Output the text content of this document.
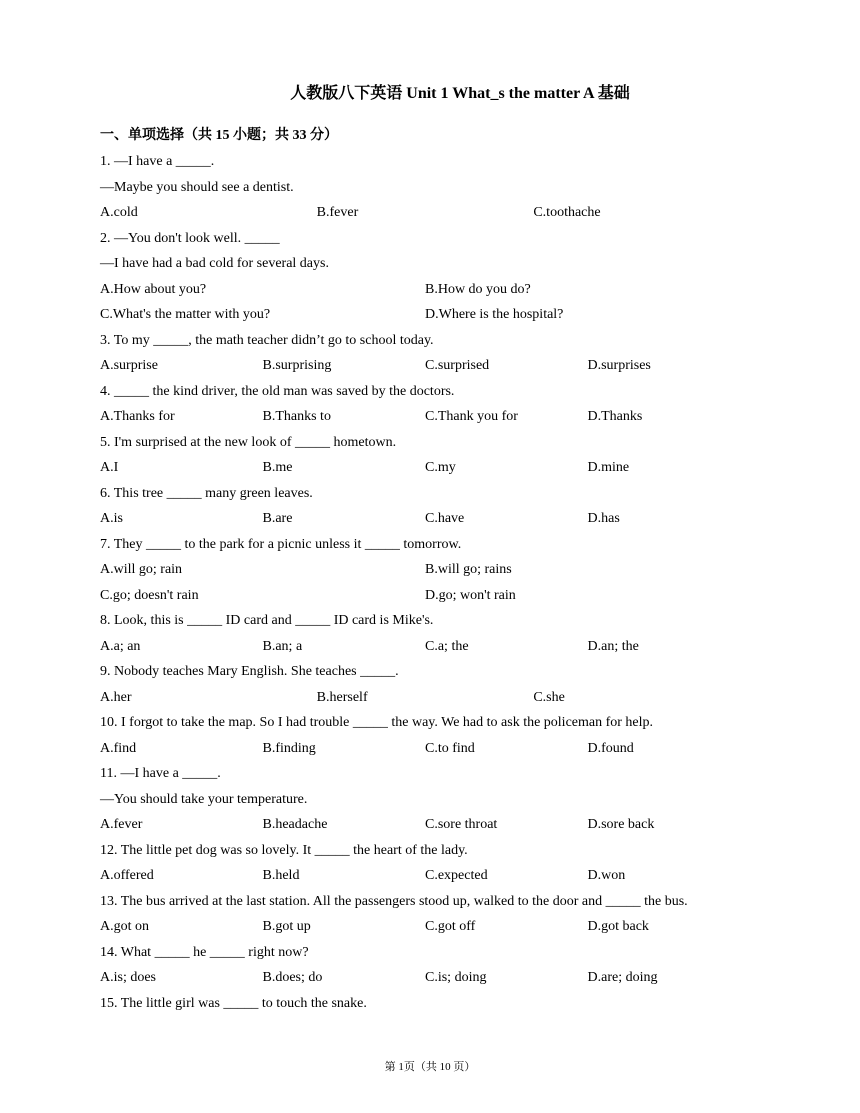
人教版八下英语 Unit 1 What_s the matter A 基础
一、单项选择（共 15 小题；共 33 分）
1. —I have a _____.
—Maybe you should see a dentist.
A.cold	B.fever	C.toothache
2. —You don't look well. _____
—I have had a bad cold for several days.
A.How about you?	B.How do you do?
C.What's the matter with you?	D.Where is the hospital?
3. To my _____, the math teacher didn’t go to school today.
A.surprise	B.surprising	C.surprised	D.surprises
4. _____ the kind driver, the old man was saved by the doctors.
A.Thanks for	B.Thanks to	C.Thank you for	D.Thanks
5. I'm surprised at the new look of _____ hometown.
A.I	B.me	C.my	D.mine
6. This tree _____ many green leaves.
A.is	B.are	C.have	D.has
7. They _____ to the park for a picnic unless it _____ tomorrow.
A.will go; rain	B.will go; rains
C.go; doesn't rain	D.go; won't rain
8. Look, this is _____ ID card and _____ ID card is Mike's.
A.a; an	B.an; a	C.a; the	D.an; the
9. Nobody teaches Mary English. She teaches _____.
A.her	B.herself	C.she
10. I forgot to take the map. So I had trouble _____ the way. We had to ask the policeman for help.
A.find	B.finding	C.to find	D.found
11. —I have a _____.
—You should take your temperature.
A.fever	B.headache	C.sore throat	D.sore back
12. The little pet dog was so lovely. It _____ the heart of the lady.
A.offered	B.held	C.expected	D.won
13. The bus arrived at the last station. All the passengers stood up, walked to the door and _____ the bus.
A.got on	B.got up	C.got off	D.got back
14. What _____ he _____ right now?
A.is; does	B.does; do	C.is; doing	D.are; doing
15. The little girl was _____ to touch the snake.
第 1页（共 10 页）
